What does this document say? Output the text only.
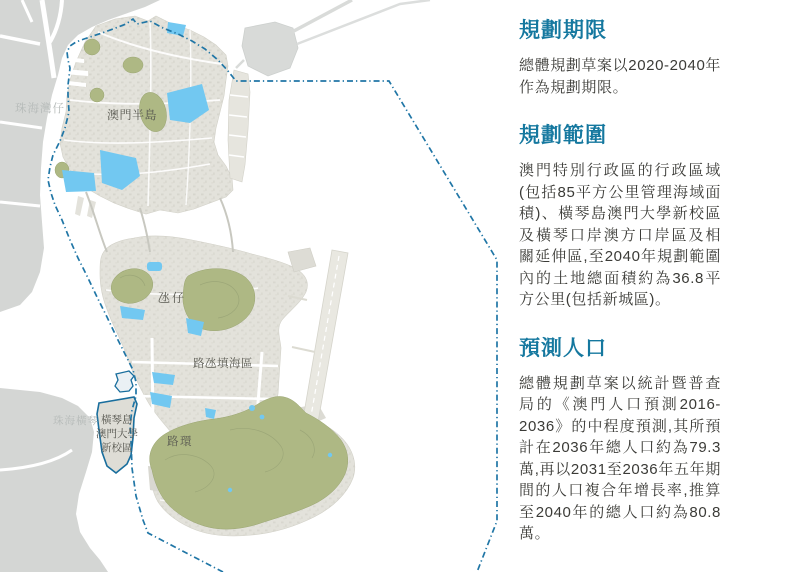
珠海灣仔	澳門半島
氹仔
路氹填海區
珠海橫琴 橫琴島
澳門大學
新校區	路環
規劃期限

總體規劃草案以2020-2040年作為規劃期限。

規劃範圍

澳門特別行政區的行政區域(包括85平方公里管理海域面積)、橫琴島澳門大學新校區及橫琴口岸澳方口岸區及相關延伸區,至2040年規劃範圍內的土地總面積約為36.8平方公里(包括新城區)。

預測人口

總體規劃草案以統計暨普查局的《澳門人口預測2016-2036》的中程度預測,其所預計在2036年總人口約為79.3萬,再以2031至2036年五年期間的人口複合年增長率,推算至2040年的總人口約為80.8萬。
